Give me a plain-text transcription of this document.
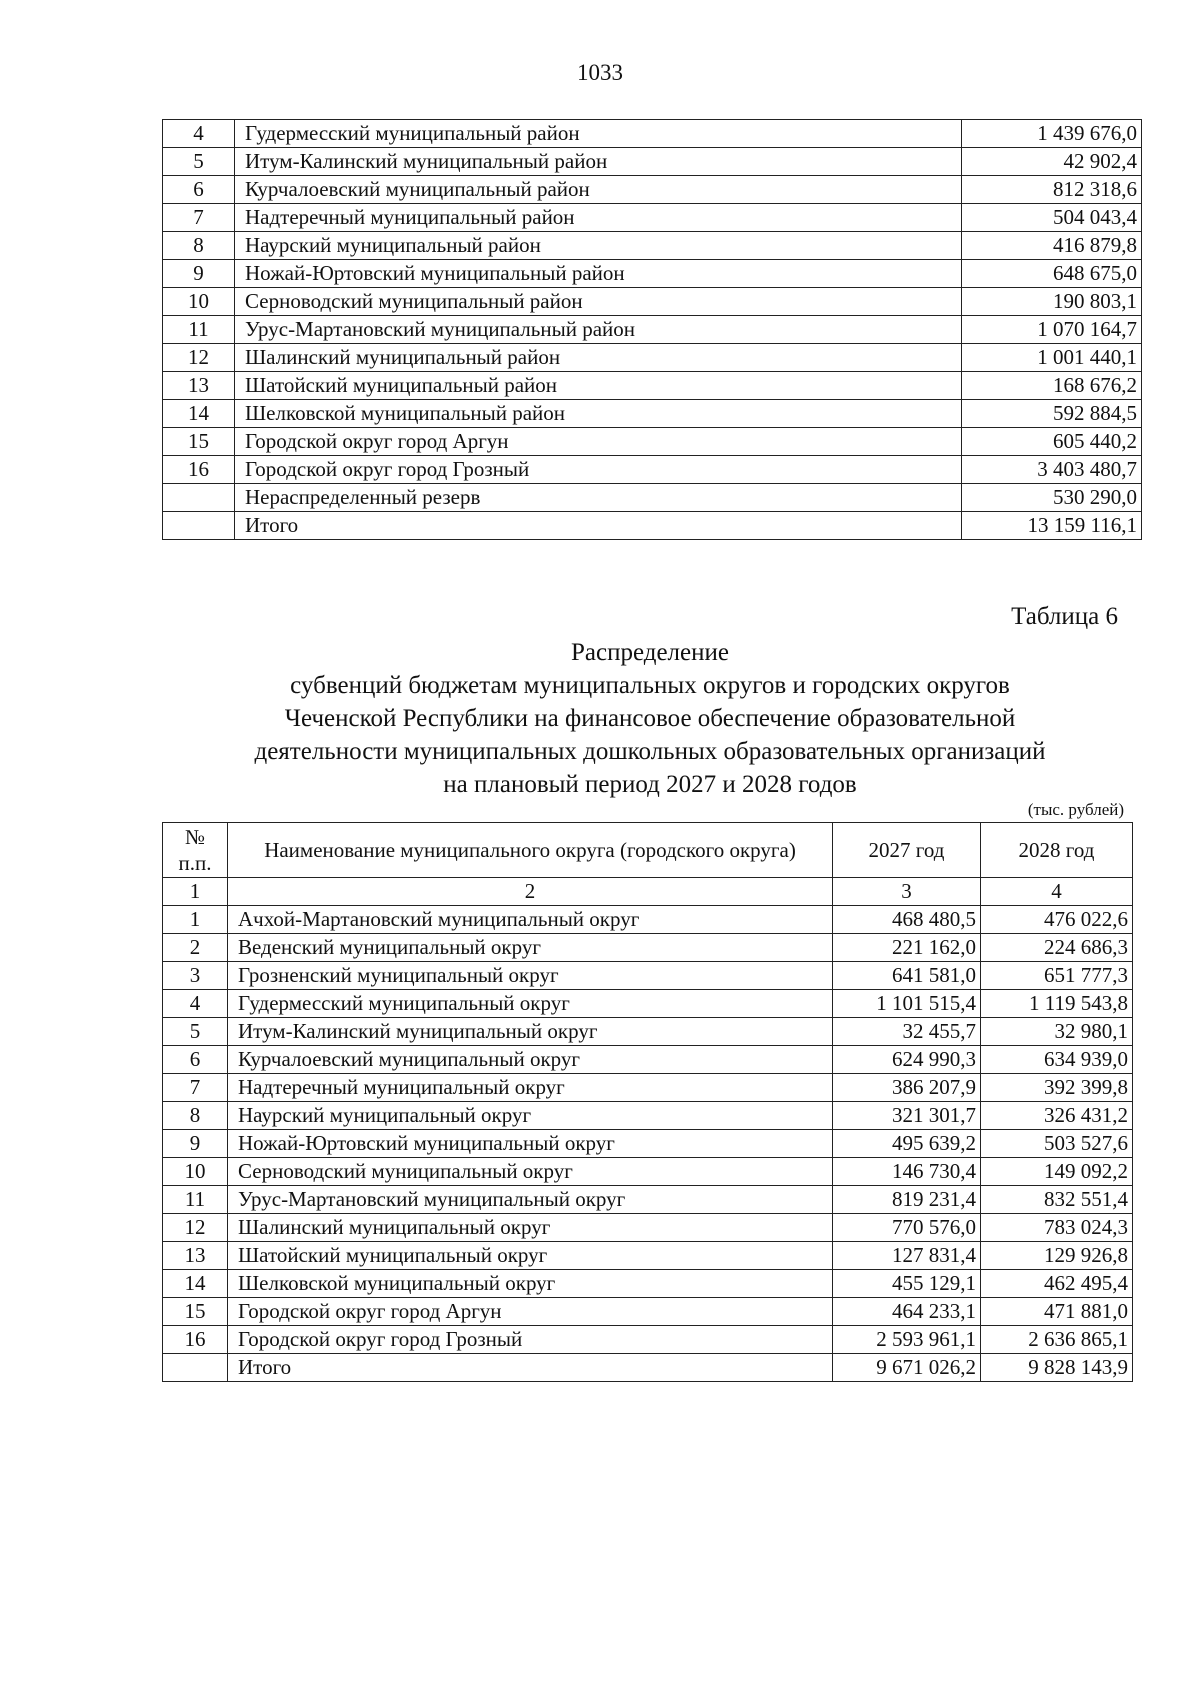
1033
4	Гудермесский муниципальный район	1 439 676,0
5	Итум-Калинский муниципальный район	42 902,4
6	Курчалоевский муниципальный район	812 318,6
7	Надтеречный муниципальный район	504 043,4
8	Наурский муниципальный район	416 879,8
9	Ножай-Юртовский муниципальный район	648 675,0
10	Серноводский муниципальный район	190 803,1
11	Урус-Мартановский муниципальный район	1 070 164,7
12	Шалинский муниципальный район	1 001 440,1
13	Шатойский муниципальный район	168 676,2
14	Шелковской муниципальный район	592 884,5
15	Городской округ город Аргун	605 440,2
16	Городской округ город Грозный	3 403 480,7
	Нераспределенный резерв	530 290,0
	Итого	13 159 116,1
Таблица 6
Распределение
субвенций бюджетам муниципальных округов и городских округов
Чеченской Республики на финансовое обеспечение образовательной
деятельности муниципальных дошкольных образовательных организаций
на плановый период 2027 и 2028 годов
(тыс. рублей)
№ п.п.	Наименование муниципального округа (городского округа)	2027 год	2028 год
1	2	3	4
1	Ачхой-Мартановский муниципальный округ	468 480,5	476 022,6
2	Веденский муниципальный округ	221 162,0	224 686,3
3	Грозненский муниципальный округ	641 581,0	651 777,3
4	Гудермесский муниципальный округ	1 101 515,4	1 119 543,8
5	Итум-Калинский муниципальный округ	32 455,7	32 980,1
6	Курчалоевский муниципальный округ	624 990,3	634 939,0
7	Надтеречный муниципальный округ	386 207,9	392 399,8
8	Наурский муниципальный округ	321 301,7	326 431,2
9	Ножай-Юртовский муниципальный округ	495 639,2	503 527,6
10	Серноводский муниципальный округ	146 730,4	149 092,2
11	Урус-Мартановский муниципальный округ	819 231,4	832 551,4
12	Шалинский муниципальный округ	770 576,0	783 024,3
13	Шатойский муниципальный округ	127 831,4	129 926,8
14	Шелковской муниципальный округ	455 129,1	462 495,4
15	Городской округ город Аргун	464 233,1	471 881,0
16	Городской округ город Грозный	2 593 961,1	2 636 865,1
	Итого	9 671 026,2	9 828 143,9
